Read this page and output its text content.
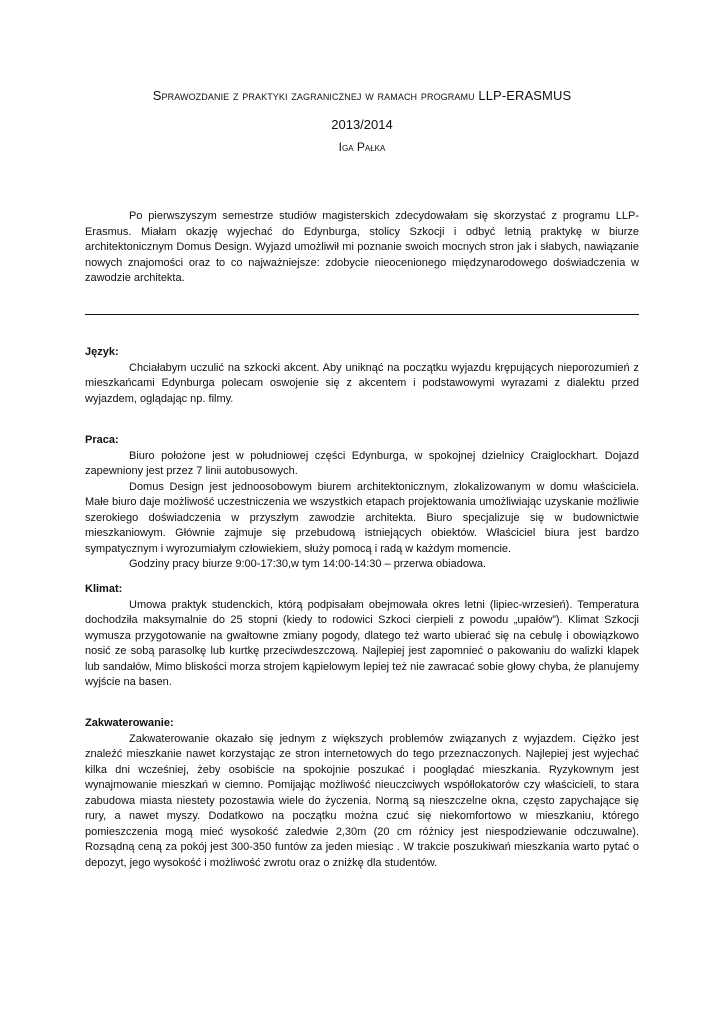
Sprawozdanie z praktyki zagranicznej w ramach programu LLP-ERASMUS
2013/2014
Iga Pałka

Po pierwszyszym semestrze studiów magisterskich zdecydowałam się skorzystać z programu LLP-Erasmus. Miałam okazję wyjechać do Edynburga, stolicy Szkocji i odbyć letnią praktykę w biurze architektonicznym Domus Design. Wyjazd umożliwił mi poznanie swoich mocnych stron jak i słabych, nawiązanie nowych znajomości oraz to co najważniejsze: zdobycie nieocenionego międzynarodowego doświadczenia w zawodzie architekta.

Język:

Chciałabym uczulić na szkocki akcent. Aby uniknąć na początku wyjazdu krępujących nieporozumień z mieszkańcami Edynburga polecam oswojenie się z akcentem i podstawowymi wyrazami z dialektu przed wyjazdem, oglądając np. filmy.

Praca:

Biuro położone jest w południowej części Edynburga, w spokojnej dzielnicy Craiglockhart. Dojazd zapewniony jest przez 7 linii autobusowych.

Domus Design jest jednoosobowym biurem architektonicznym, zlokalizowanym w domu właściciela. Małe biuro daje możliwość uczestniczenia we wszystkich etapach projektowania umożliwiając uzyskanie możliwie szerokiego doświadczenia w przyszłym zawodzie architekta. Biuro specjalizuje się w budownictwie mieszkaniowym. Głównie zajmuje się przebudową istniejących obiektów. Właściciel biura jest bardzo sympatycznym i wyrozumiałym człowiekiem, służy pomocą i radą w każdym momencie.

Godziny pracy biurze 9:00-17:30,w tym 14:00-14:30 – przerwa obiadowa.

Klimat:

Umowa praktyk studenckich, którą podpisałam obejmowała okres letni (lipiec-wrzesień). Temperatura dochodziła maksymalnie do 25 stopni (kiedy to rodowici Szkoci cierpieli z powodu „upałów”). Klimat Szkocji wymusza przygotowanie na gwałtowne zmiany pogody, dlatego też warto ubierać się na cebulę i obowiązkowo nosić ze sobą parasolkę lub kurtkę przeciwdeszczową. Najlepiej jest zapomnieć o pakowaniu do walizki klapek lub sandałów, Mimo bliskości morza strojem kąpielowym lepiej też nie zawracać sobie głowy chyba, że planujemy wyjście na basen.

Zakwaterowanie:

Zakwaterowanie okazało się jednym z większych problemów związanych z wyjazdem. Ciężko jest znaleźć mieszkanie nawet korzystając ze stron internetowych do tego przeznaczonych. Najlepiej jest wyjechać kilka dni wcześniej, żeby osobiście na spokojnie poszukać i pooglądać mieszkania. Ryzykownym jest wynajmowanie mieszkań w ciemno. Pomijając możliwość nieuczciwych współlokatorów czy właścicieli, to stara zabudowa miasta niestety pozostawia wiele do życzenia. Normą są nieszczelne okna, często zapychające się rury, a nawet myszy. Dodatkowo na początku można czuć się niekomfortowo w mieszkaniu, którego pomieszczenia mogą mieć wysokość zaledwie 2,30m (20 cm różnicy jest niespodziewanie odczuwalne). Rozsądną ceną za pokój jest 300-350 funtów za jeden miesiąc . W trakcie poszukiwań mieszkania warto pytać o depozyt, jego wysokość i możliwość zwrotu oraz o zniżkę dla studentów.
